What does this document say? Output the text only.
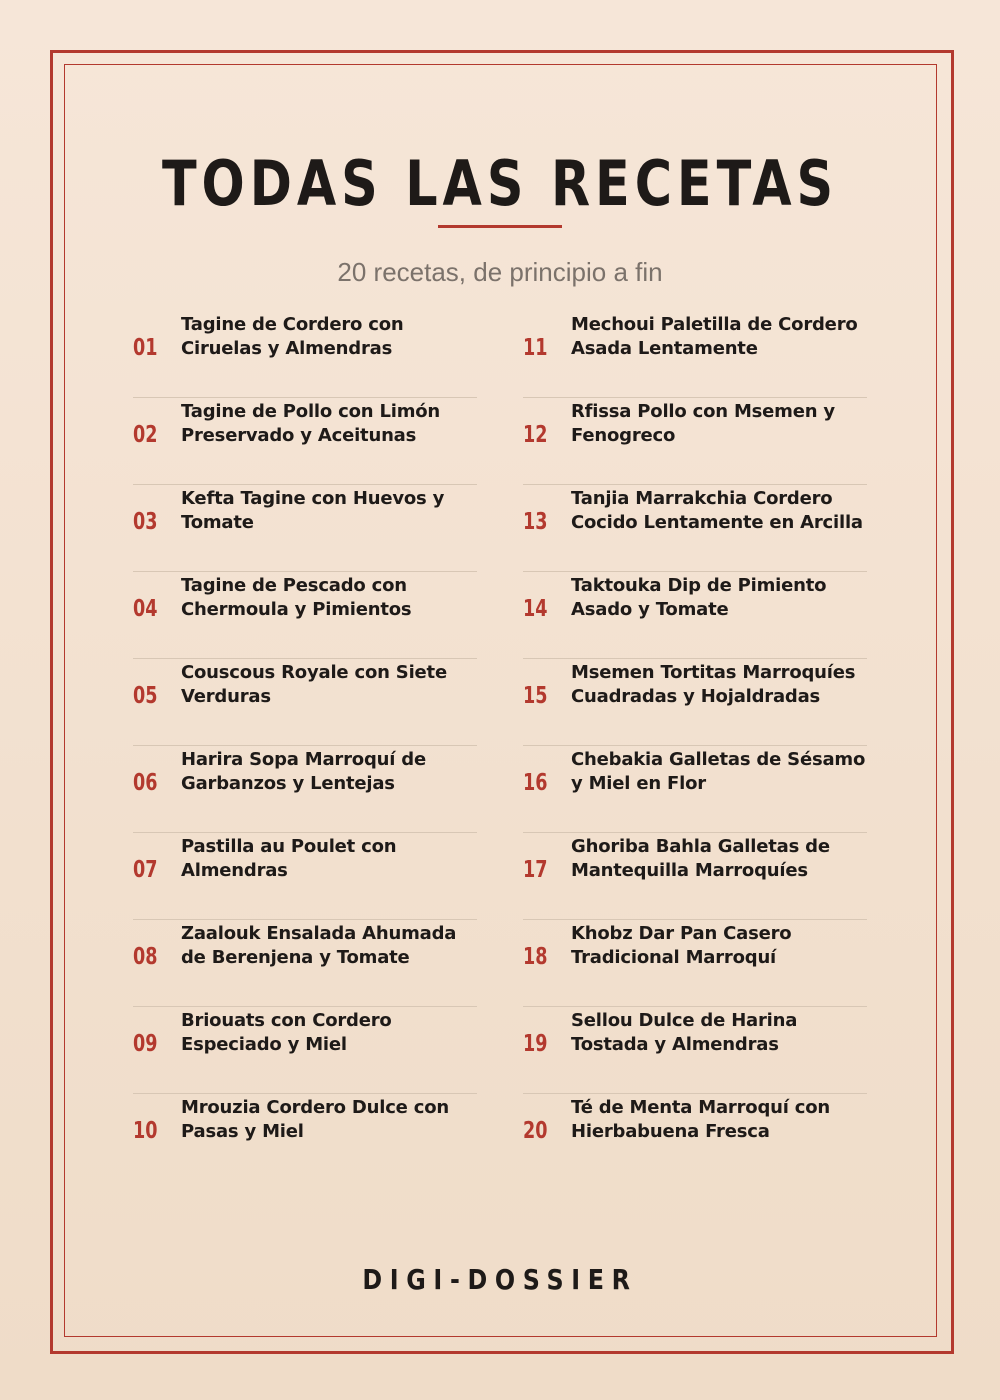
TODAS LAS RECETAS
20 recetas, de principio a fin
01
Tagine de Cordero con Ciruelas y Almendras
02
Tagine de Pollo con Limón Preservado y Aceitunas
03
Kefta Tagine con Huevos y Tomate
04
Tagine de Pescado con Chermoula y Pimientos
05
Couscous Royale con Siete Verduras
06
Harira Sopa Marroquí de Garbanzos y Lentejas
07
Pastilla au Poulet con Almendras
08
Zaalouk Ensalada Ahumada de Berenjena y Tomate
09
Briouats con Cordero Especiado y Miel
10
Mrouzia Cordero Dulce con Pasas y Miel
11
Mechoui Paletilla de Cordero Asada Lentamente
12
Rfissa Pollo con Msemen y Fenogreco
13
Tanjia Marrakchia Cordero Cocido Lentamente en Arcilla
14
Taktouka Dip de Pimiento Asado y Tomate
15
Msemen Tortitas Marroquíes Cuadradas y Hojaldradas
16
Chebakia Galletas de Sésamo y Miel en Flor
17
Ghoriba Bahla Galletas de Mantequilla Marroquíes
18
Khobz Dar Pan Casero Tradicional Marroquí
19
Sellou Dulce de Harina Tostada y Almendras
20
Té de Menta Marroquí con Hierbabuena Fresca
DIGI-DOSSIER
